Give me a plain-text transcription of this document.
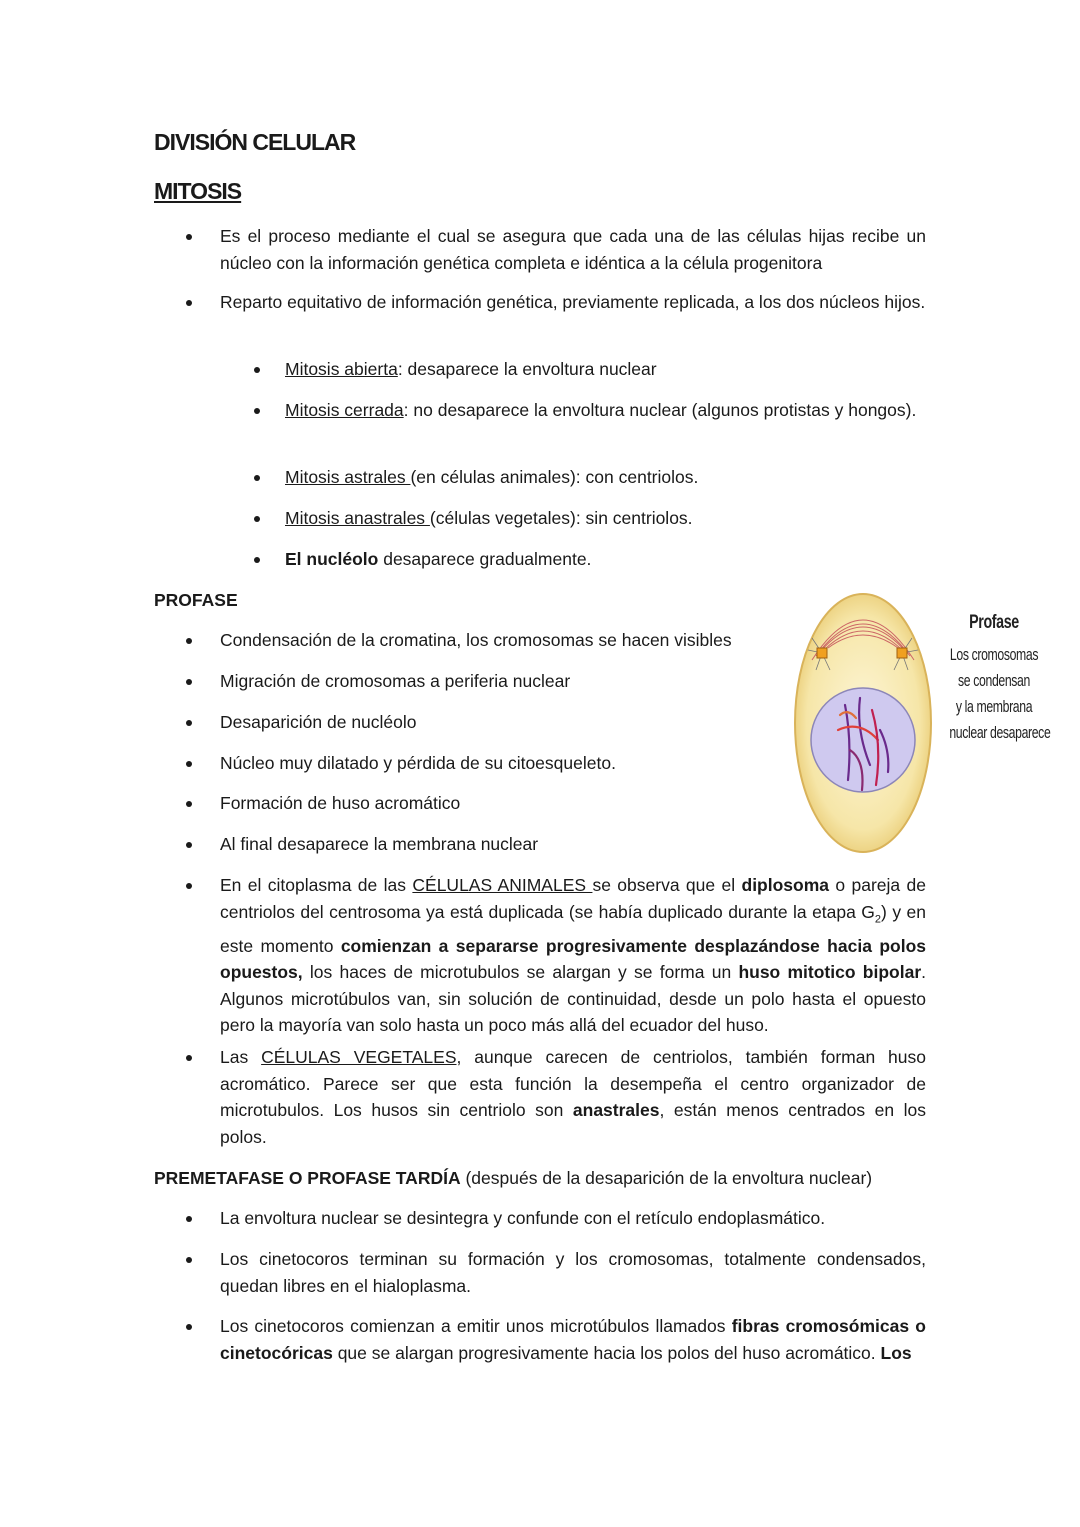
DIVISIÓN CELULAR
MITOSIS
Es el proceso mediante el cual se asegura que cada una de las células hijas recibe un núcleo con la información genética completa e idéntica a la célula progenitora
Reparto equitativo de información genética, previamente replicada, a los dos núcleos hijos.
Mitosis abierta: desaparece la envoltura nuclear
Mitosis cerrada: no desaparece la envoltura nuclear (algunos protistas y hongos).
Mitosis astrales (en células animales): con centriolos.
Mitosis anastrales (células vegetales): sin centriolos.
El nucléolo desaparece gradualmente.
PROFASE
Condensación de la cromatina, los cromosomas se hacen visibles
Migración de cromosomas a periferia nuclear
Desaparición de nucléolo
Núcleo muy dilatado y pérdida de su citoesqueleto.
Formación de huso acromático
Al final desaparece la membrana nuclear
En el citoplasma de las CÉLULAS ANIMALES se observa que el diplosoma o pareja de centriolos del centrosoma ya está duplicada (se había duplicado durante la etapa $G_2$) y en este momento comienzan a separarse progresivamente desplazándose hacia polos opuestos, los haces de microtubulos se alargan y se forma un huso mitotico bipolar. Algunos microtúbulos van, sin solución de continuidad, desde un polo hasta el opuesto pero la mayoría van solo hasta un poco más allá del ecuador del huso.
Las CÉLULAS VEGETALES, aunque carecen de centriolos, también forman huso acromático. Parece ser que esta función la desempeña el centro organizador de microtubulos. Los husos sin centriolo son anastrales, están menos centrados en los polos.
PREMETAFASE O PROFASE TARDÍA (después de la desaparición de la envoltura nuclear)
La envoltura nuclear se desintegra y confunde con el retículo endoplasmático.
Los cinetocoros terminan su formación y los cromosomas, totalmente condensados, quedan libres en el hialoplasma.
Los cinetocoros comienzan a emitir unos microtúbulos llamados fibras cromosómicas o cinetocóricas que se alargan progresivamente hacia los polos del huso acromático. Los
Profase
Los cromosomas
se condensan
y la membrana
nuclear desaparece
